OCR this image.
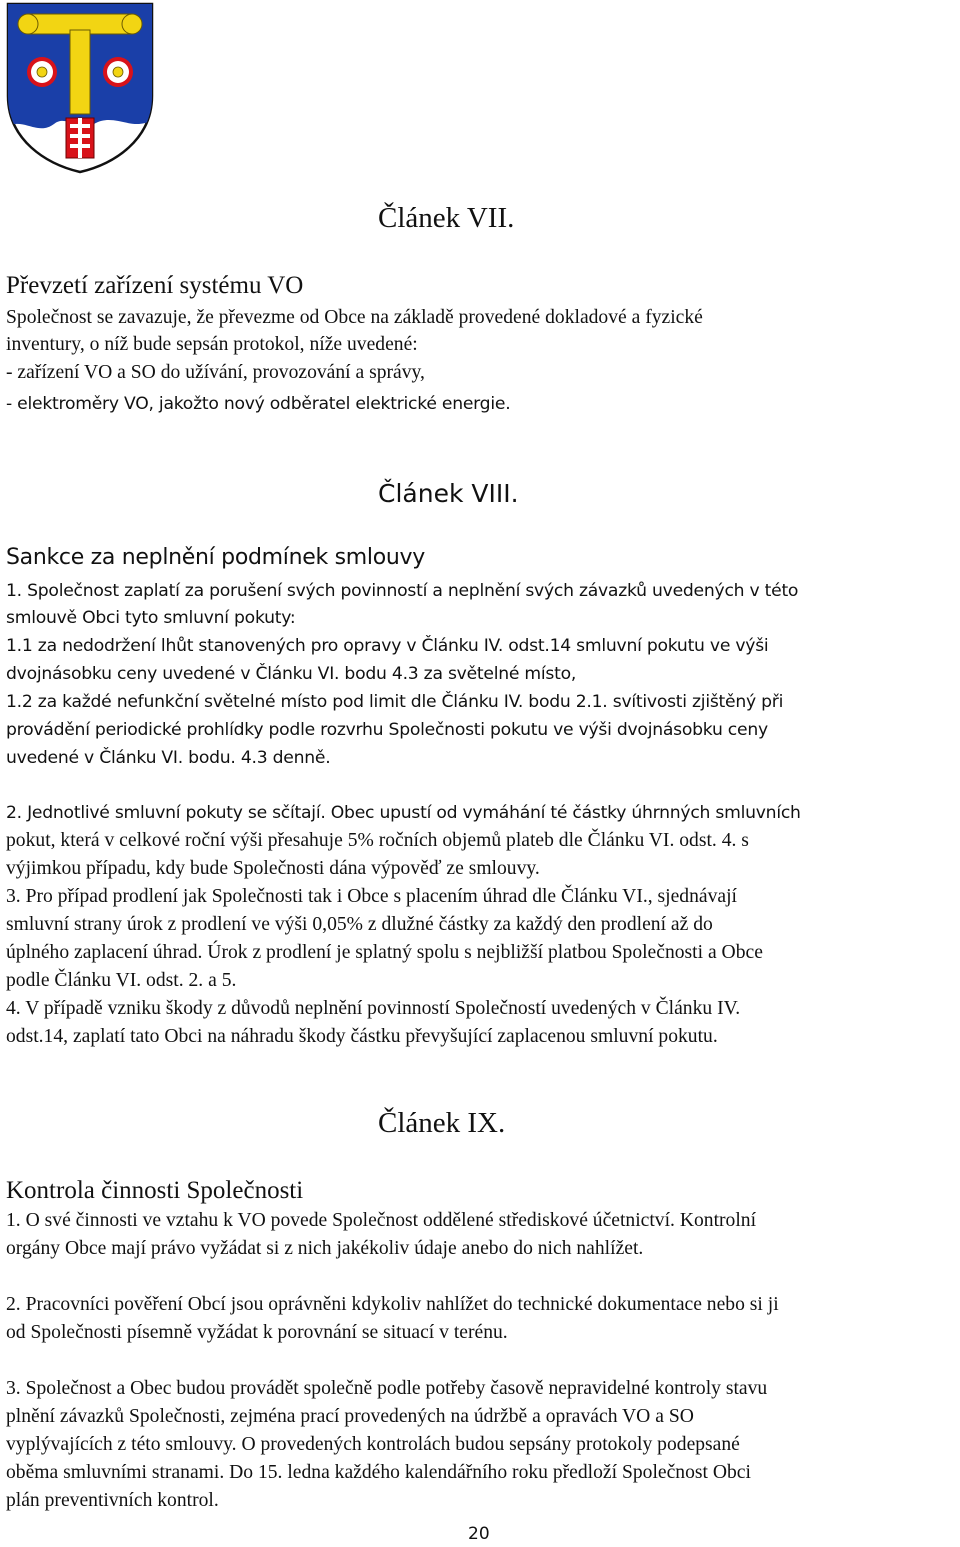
Článek VII.
Převzetí zařízení systému VO
Společnost se zavazuje, že převezme od Obce na základě provedené dokladové a fyzické
inventury, o níž bude sepsán protokol, níže uvedené:
- zařízení VO a SO do užívání, provozování a správy,
- elektroměry VO, jakožto nový odběratel elektrické energie.
Článek VIII.
Sankce za neplnění podmínek smlouvy
1. Společnost zaplatí za porušení svých povinností a neplnění svých závazků uvedených v této
smlouvě Obci tyto smluvní pokuty:
1.1 za nedodržení lhůt stanovených pro opravy v Článku IV. odst.14 smluvní pokutu ve výši
dvojnásobku ceny uvedené v Článku VI. bodu 4.3 za světelné místo,
1.2 za každé nefunkční světelné místo pod limit dle Článku IV. bodu 2.1. svítivosti zjištěný při
provádění periodické prohlídky podle rozvrhu Společnosti pokutu ve výši dvojnásobku ceny
uvedené v Článku VI. bodu. 4.3 denně.
2. Jednotlivé smluvní pokuty se sčítají. Obec upustí od vymáhání té částky úhrnných smluvních
pokut, která v celkové roční výši přesahuje 5% ročních objemů plateb dle Článku VI. odst. 4. s
výjimkou případu, kdy bude Společnosti dána výpověď ze smlouvy.
3. Pro případ prodlení jak Společnosti tak i Obce s placením úhrad dle Článku VI., sjednávají
smluvní strany úrok z prodlení ve výši 0,05% z dlužné částky za každý den prodlení až do
úplného zaplacení úhrad. Úrok z prodlení je splatný spolu s nejbližší platbou Společnosti a Obce
podle Článku VI. odst. 2. a 5.
4. V případě vzniku škody z důvodů neplnění povinností Společností uvedených v Článku IV.
odst.14, zaplatí tato Obci na náhradu škody částku převyšující zaplacenou smluvní pokutu.
Článek IX.
Kontrola činnosti Společnosti
1. O své činnosti ve vztahu k VO povede Společnost oddělené střediskové účetnictví. Kontrolní
orgány Obce mají právo vyžádat si z nich jakékoliv údaje anebo do nich nahlížet.
2. Pracovníci pověření Obcí jsou oprávněni kdykoliv nahlížet do technické dokumentace nebo si ji
od Společnosti písemně vyžádat k porovnání se situací v terénu.
3. Společnost a Obec budou provádět společně podle potřeby časově nepravidelné kontroly stavu
plnění závazků Společnosti, zejména prací provedených na údržbě a opravách VO a SO
vyplývajících z této smlouvy. O provedených kontrolách budou sepsány protokoly podepsané
oběma smluvními stranami. Do 15. ledna každého kalendářního roku předloží Společnost Obci
plán preventivních kontrol.
20
